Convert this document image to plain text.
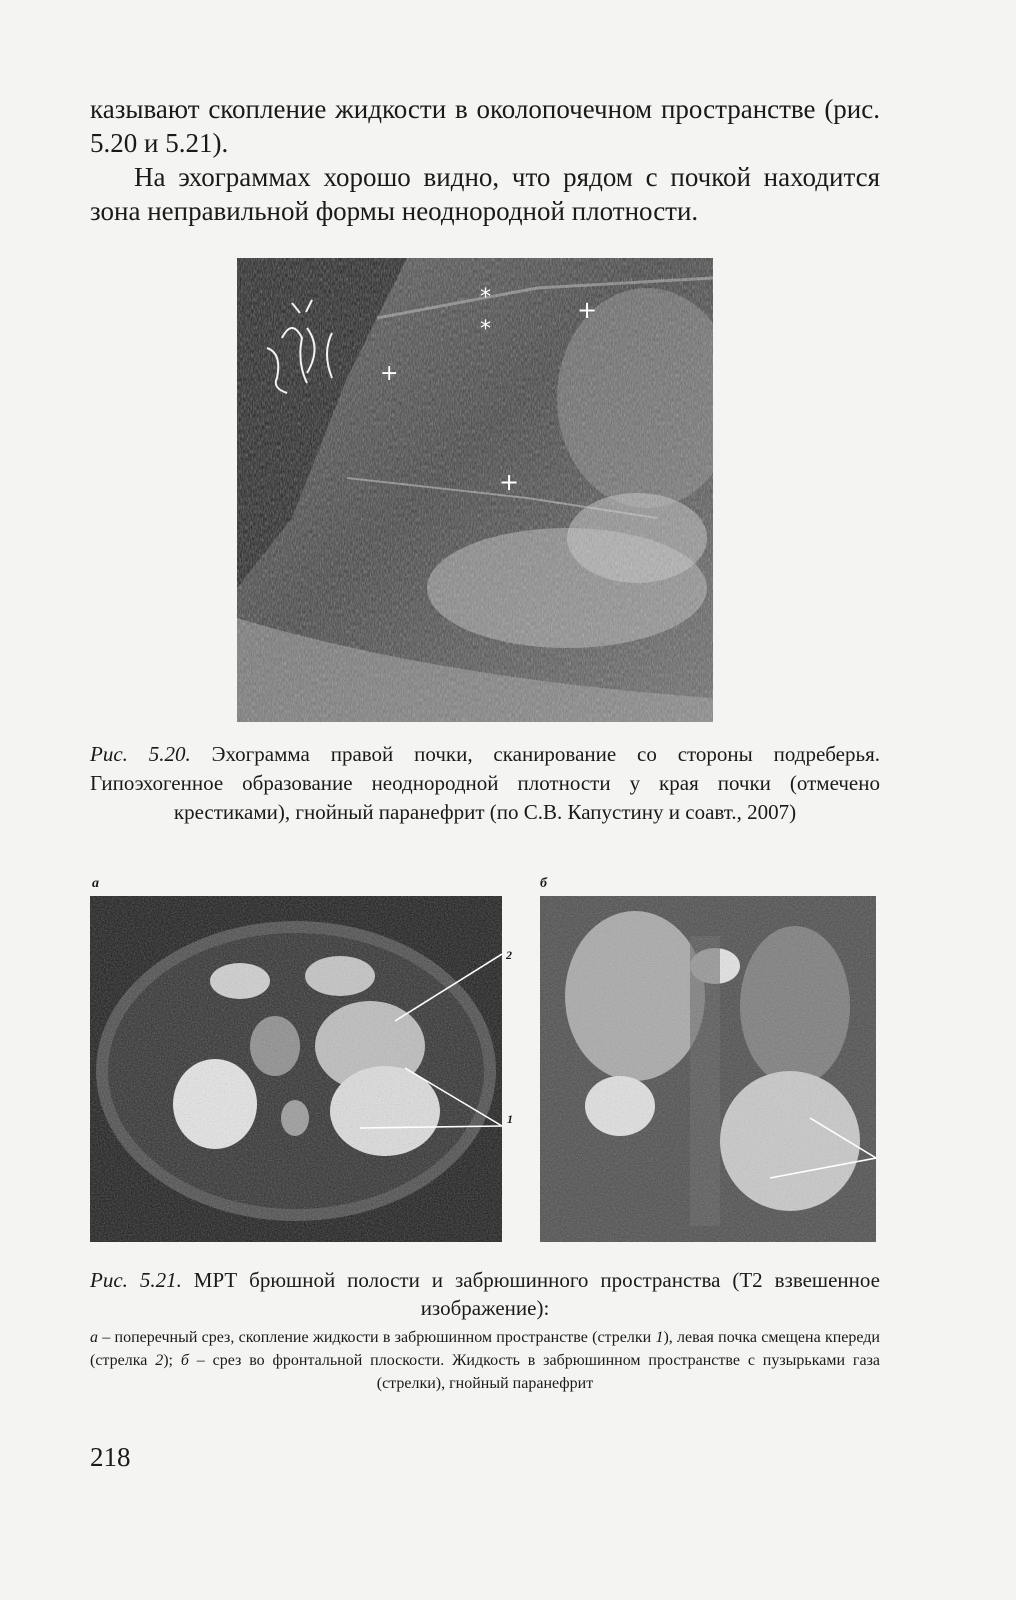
казывают скопление жидкости в околопочечном пространстве (рис. 5.20 и 5.21).

На эхограммах хорошо видно, что рядом с почкой находится зона неправильной формы неоднородной плотности.

*
*
+
+
+

Рис. 5.20. Эхограмма правой почки, сканирование со стороны подреберья. Гипоэхогенное образование неоднородной плотности у края почки (отмечено крестиками), гнойный паранефрит (по С.В. Капустину и соавт., 2007)

а	б
2
1

Рис. 5.21. МРТ брюшной полости и забрюшинного пространства (Т2 взвешенное изображение):

а – поперечный срез, скопление жидкости в забрюшинном пространстве (стрелки 1), левая почка смещена кпереди (стрелка 2); б – срез во фронтальной плоскости. Жидкость в забрюшинном пространстве с пузырьками газа (стрелки), гнойный паранефрит

218
